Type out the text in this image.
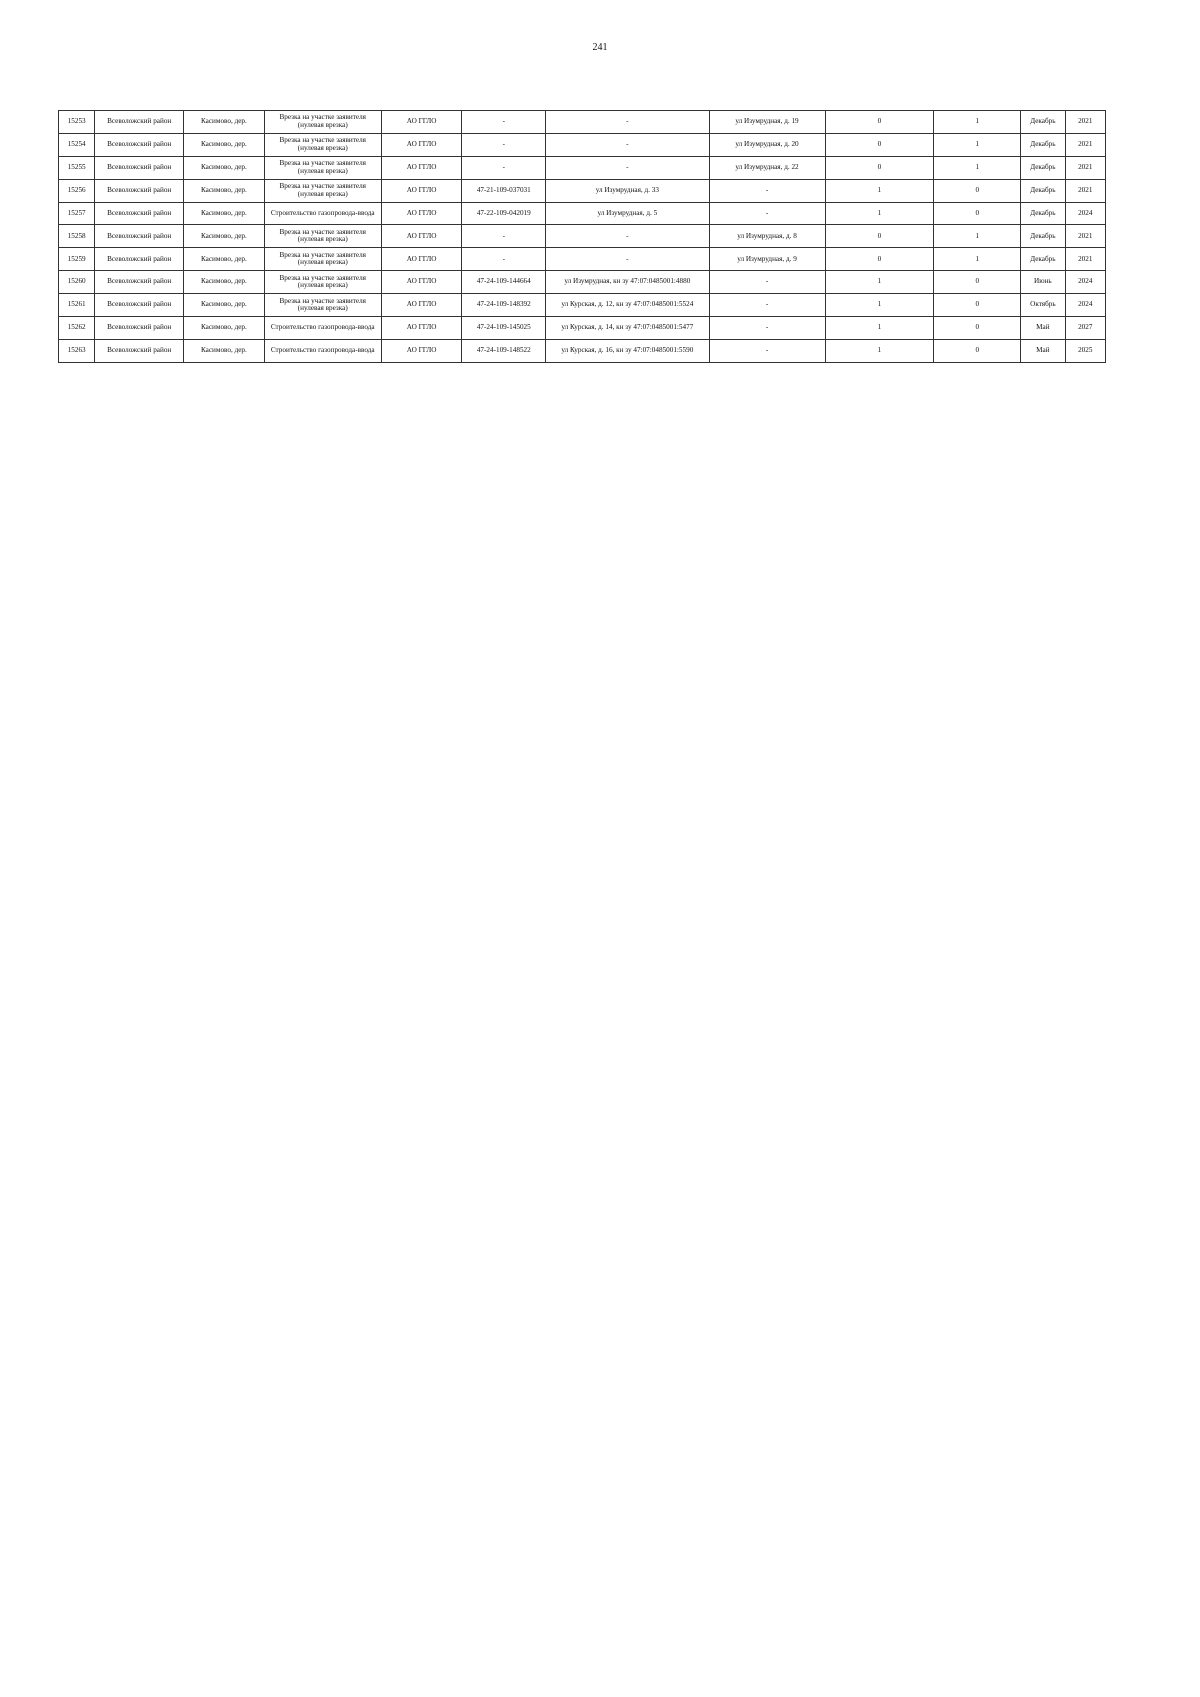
241
15253	Всеволожский район	Касимово, дер.	Врезка на участке заявителя (нулевая врезка)	АО ГГЛО	-	-	ул Изумрудная, д. 19	0	1	Декабрь	2021
15254	Всеволожский район	Касимово, дер.	Врезка на участке заявителя (нулевая врезка)	АО ГГЛО	-	-	ул Изумрудная, д. 20	0	1	Декабрь	2021
15255	Всеволожский район	Касимово, дер.	Врезка на участке заявителя (нулевая врезка)	АО ГГЛО	-	-	ул Изумрудная, д. 22	0	1	Декабрь	2021
15256	Всеволожский район	Касимово, дер.	Врезка на участке заявителя (нулевая врезка)	АО ГГЛО	47-21-109-037031	ул Изумрудная, д. 33	-	1	0	Декабрь	2021
15257	Всеволожский район	Касимово, дер.	Строительство газопровода-ввода	АО ГГЛО	47-22-109-042019	ул Изумрудная, д. 5	-	1	0	Декабрь	2024
15258	Всеволожский район	Касимово, дер.	Врезка на участке заявителя (нулевая врезка)	АО ГГЛО	-	-	ул Изумрудная, д. 8	0	1	Декабрь	2021
15259	Всеволожский район	Касимово, дер.	Врезка на участке заявителя (нулевая врезка)	АО ГГЛО	-	-	ул Изумрудная, д. 9	0	1	Декабрь	2021
15260	Всеволожский район	Касимово, дер.	Врезка на участке заявителя (нулевая врезка)	АО ГГЛО	47-24-109-144664	ул Изумрудная, кн зу 47:07:0485001:4880	-	1	0	Июнь	2024
15261	Всеволожский район	Касимово, дер.	Врезка на участке заявителя (нулевая врезка)	АО ГГЛО	47-24-109-148392	ул Курская, д. 12, кн зу 47:07:0485001:5524	-	1	0	Октябрь	2024
15262	Всеволожский район	Касимово, дер.	Строительство газопровода-ввода	АО ГГЛО	47-24-109-145025	ул Курская, д. 14, кн зу 47:07:0485001:5477	-	1	0	Май	2027
15263	Всеволожский район	Касимово, дер.	Строительство газопровода-ввода	АО ГГЛО	47-24-109-148522	ул Курская, д. 16, кн зу 47:07:0485001:5590	-	1	0	Май	2025
